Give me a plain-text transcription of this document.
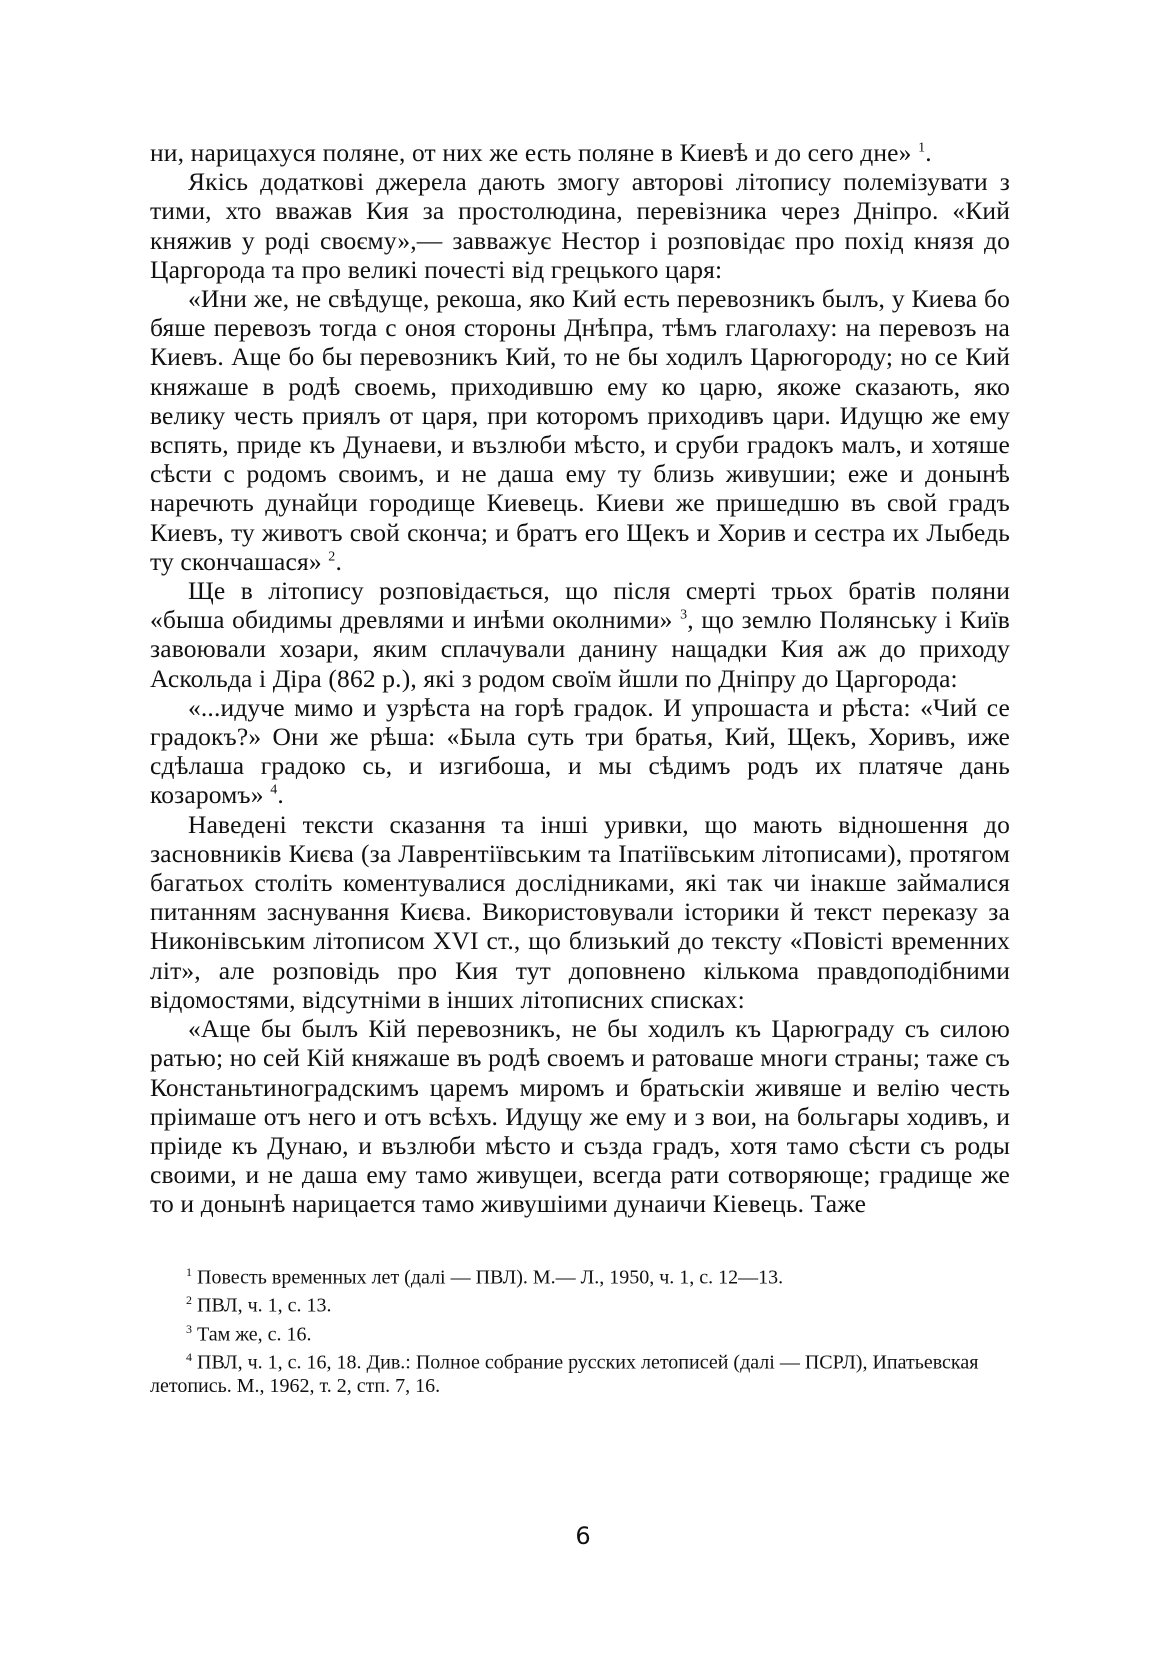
ни, нарицахуся поляне, от них же есть поляне в Киевѣ и до сего дне» $^1$.

Якісь додаткові джерела дають змогу авторові літопису полемізувати з тими, хто вважав Кия за простолюдина, перевізника через Дніпро. «Кий княжив у роді своєму»,— завважує Нестор і розповідає про похід князя до Царгорода та про великі почесті від грецького царя:

«Ини же, не свѣдуще, рекоша, яко Кий есть перевозникъ былъ, у Киева бо бяше перевозъ тогда с оноя стороны Днѣпра, тѣмъ глаголаху: на перевозъ на Киевъ. Аще бо бы перевозникъ Кий, то не бы ходилъ Царюгороду; но се Кий княжаше в родѣ своемь, приходившю ему ко царю, якоже сказають, яко велику честь приялъ от царя, при которомъ приходивъ цари. Идущю же ему вспять, приде къ Дунаеви, и възлюби мѣсто, и сруби градокъ малъ, и хотяше сѣсти с родомъ своимъ, и не даша ему ту близь живушии; еже и донынѣ наречють дунайци городище Киевець. Киеви же пришедшю въ свой градъ Киевъ, ту животъ свой скончa; и братъ его Щекъ и Хорив и сестра их Лыбедь ту скончашася» $^2$.

Ще в літопису розповідається, що після смерті трьох братів поляни «быша обидимы древлями и инѣми околними» $^3$, що землю Полянську і Київ завоювали хозари, яким сплачували данину нащадки Кия аж до приходу Аскольда і Діра (862 р.), які з родом своїм йшли по Дніпру до Царгорода:

«...идуче мимо и узрѣста на горѣ градок. И упрошаста и рѣста: «Чий се градокъ?» Они же рѣша: «Была суть три братья, Кий, Щекъ, Хоривъ, иже сдѣлаша градоко сь, и изгибоша, и мы сѣдимъ родъ их платяче дань козаромъ» $^4$.

Наведені тексти сказання та інші уривки, що мають відношення до засновників Києва (за Лаврентіївським та Іпатіївським літописами), протягом багатьох століть коментувалися дослідниками, які так чи інакше займалися питанням заснування Києва. Використовували історики й текст переказу за Никонівським літописом XVI ст., що близький до тексту «Повісті временних літ», але розповідь про Кия тут доповнено кількома правдоподібними відомостями, відсутніми в інших літописних списках:

«Аще бы былъ Кій перевозникъ, не бы ходилъ къ Царюграду съ силою ратью; но сей Кій княжаше въ родѣ своемъ и ратоваше многи страны; таже съ Констаньтиноградскимъ царемъ миромъ и братьскіи живяше и велію честь пріимаше отъ него и отъ всѣхъ. Идущу же ему и з вои, на больгары ходивъ, и пріиде къ Дунаю, и възлюби мѣсто и създа градъ, хотя тамо сѣсти съ роды своими, и не даша ему тамо живущеи, всегда рати сотворяюще; градище же то и донынѣ нарицается тамо живушіими дунаичи Кіевець. Таже

$^1$ Повесть временных лет (далі — ПВЛ). М.— Л., 1950, ч. 1, с. 12—13.

$^2$ ПВЛ, ч. 1, с. 13.

$^3$ Там же, с. 16.

$^4$ ПВЛ, ч. 1, с. 16, 18. Див.: Полное собрание русских летописей (далі — ПСРЛ), Ипатьевская летопись. М., 1962, т. 2, стп. 7, 16.

6
